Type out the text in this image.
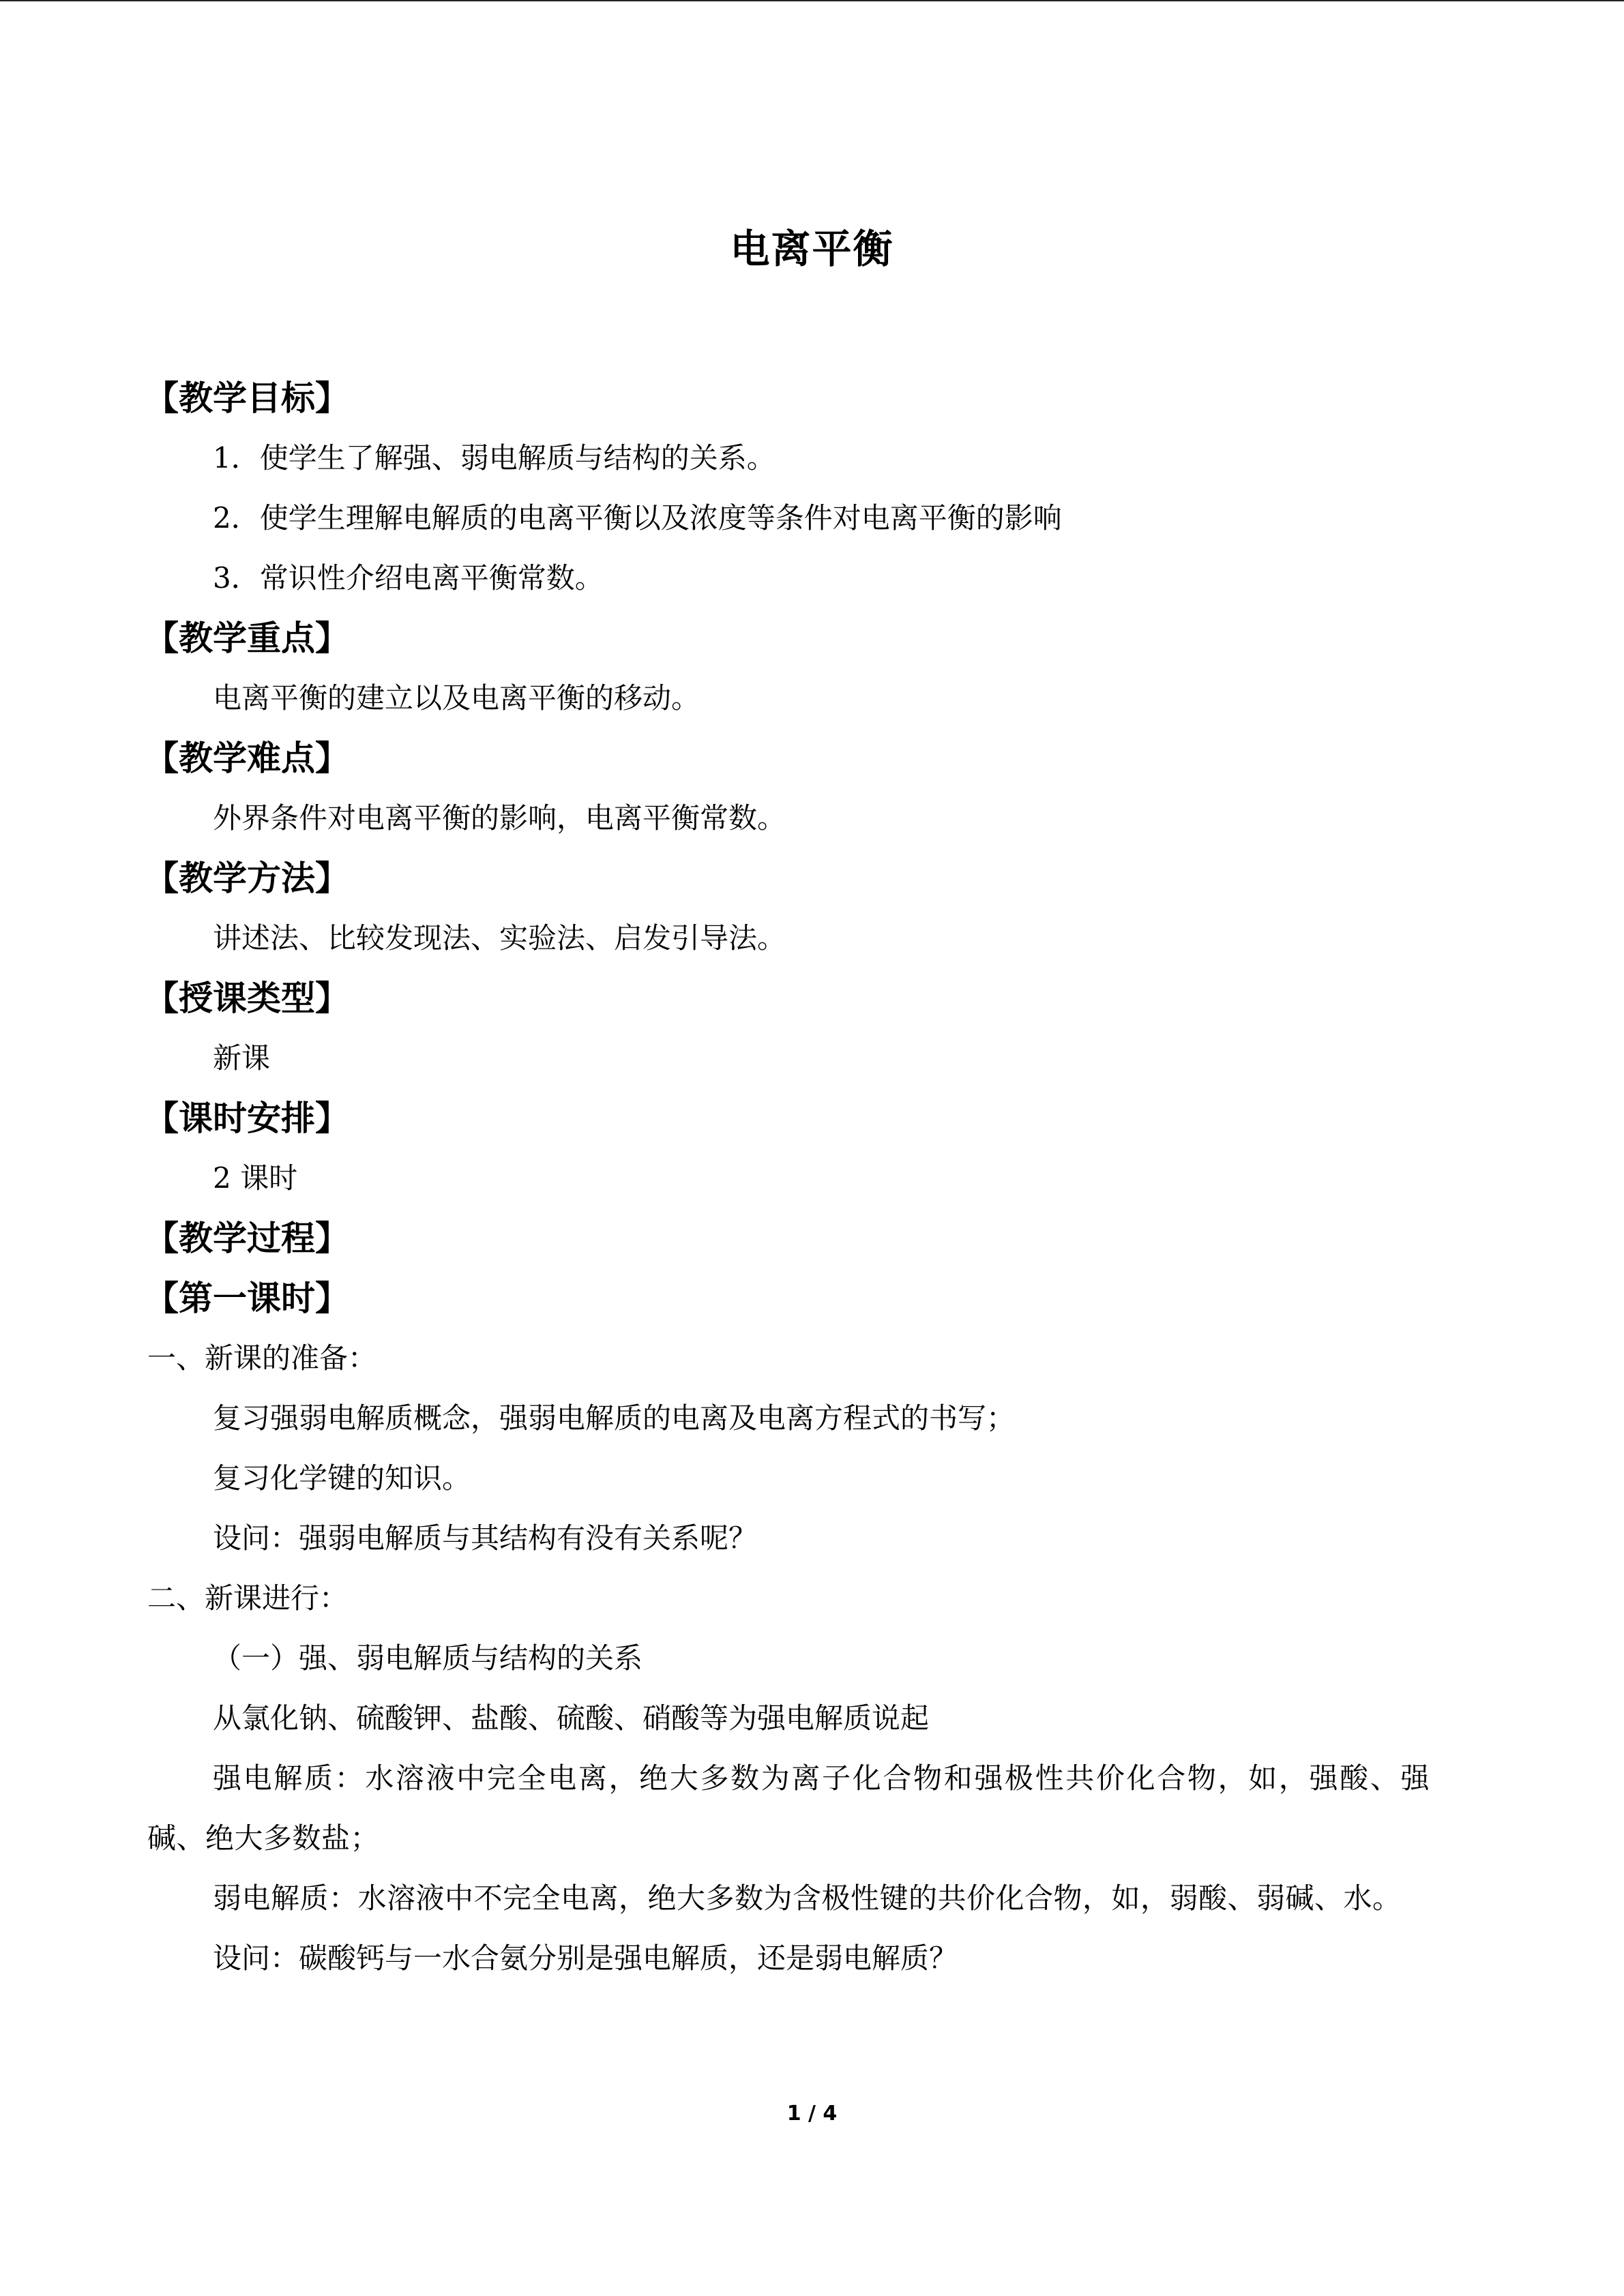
电离平衡
【教学目标】
1．使学生了解强、弱电解质与结构的关系。
2．使学生理解电解质的电离平衡以及浓度等条件对电离平衡的影响
3．常识性介绍电离平衡常数。
【教学重点】
电离平衡的建立以及电离平衡的移动。
【教学难点】
外界条件对电离平衡的影响，电离平衡常数。
【教学方法】
讲述法、比较发现法、实验法、启发引导法。
【授课类型】
新课
【课时安排】
2 课时
【教学过程】
【第一课时】
一、新课的准备：
复习强弱电解质概念，强弱电解质的电离及电离方程式的书写；
复习化学键的知识。
设问：强弱电解质与其结构有没有关系呢？
二、新课进行：
（一）强、弱电解质与结构的关系
从氯化钠、硫酸钾、盐酸、硫酸、硝酸等为强电解质说起
强电解质：水溶液中完全电离，绝大多数为离子化合物和强极性共价化合物，如，强酸、强碱、绝大多数盐；
弱电解质：水溶液中不完全电离，绝大多数为含极性键的共价化合物，如，弱酸、弱碱、水。
设问：碳酸钙与一水合氨分别是强电解质，还是弱电解质？
1 / 4
